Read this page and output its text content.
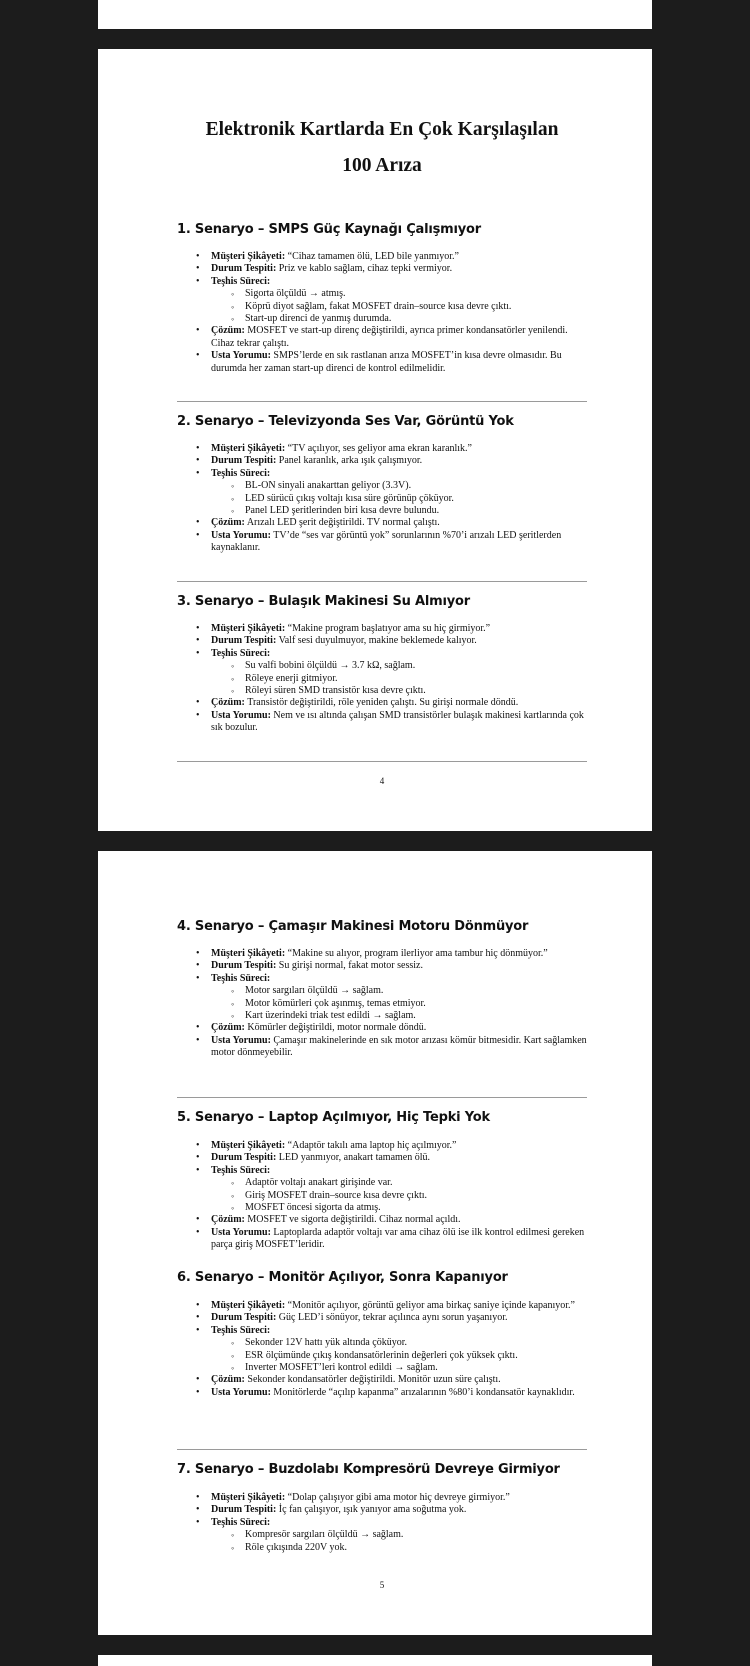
Elektronik Kartlarda En Çok Karşılaşılan
100 Arıza
1. Senaryo – SMPS Güç Kaynağı Çalışmıyor
• Müşteri Şikâyeti: “Cihaz tamamen ölü, LED bile yanmıyor.”
• Durum Tespiti: Priz ve kablo sağlam, cihaz tepki vermiyor.
• Teşhis Süreci:
◦ Sigorta ölçüldü → atmış.
◦ Köprü diyot sağlam, fakat MOSFET drain–source kısa devre çıktı.
◦ Start-up direnci de yanmış durumda.
• Çözüm: MOSFET ve start-up direnç değiştirildi, ayrıca primer kondansatörler yenilendi. Cihaz tekrar çalıştı.
• Usta Yorumu: SMPS’lerde en sık rastlanan arıza MOSFET’in kısa devre olmasıdır. Bu durumda her zaman start-up direnci de kontrol edilmelidir.
2. Senaryo – Televizyonda Ses Var, Görüntü Yok
• Müşteri Şikâyeti: “TV açılıyor, ses geliyor ama ekran karanlık.”
• Durum Tespiti: Panel karanlık, arka ışık çalışmıyor.
• Teşhis Süreci:
◦ BL-ON sinyali anakarttan geliyor (3.3V).
◦ LED sürücü çıkış voltajı kısa süre görünüp çöküyor.
◦ Panel LED şeritlerinden biri kısa devre bulundu.
• Çözüm: Arızalı LED şerit değiştirildi. TV normal çalıştı.
• Usta Yorumu: TV’de “ses var görüntü yok” sorunlarının %70’i arızalı LED şeritlerden kaynaklanır.
3. Senaryo – Bulaşık Makinesi Su Almıyor
• Müşteri Şikâyeti: “Makine program başlatıyor ama su hiç girmiyor.”
• Durum Tespiti: Valf sesi duyulmuyor, makine beklemede kalıyor.
• Teşhis Süreci:
◦ Su valfi bobini ölçüldü → 3.7 kΩ, sağlam.
◦ Röleye enerji gitmiyor.
◦ Röleyi süren SMD transistör kısa devre çıktı.
• Çözüm: Transistör değiştirildi, röle yeniden çalıştı. Su girişi normale döndü.
• Usta Yorumu: Nem ve ısı altında çalışan SMD transistörler bulaşık makinesi kartlarında çok sık bozulur.
4
4. Senaryo – Çamaşır Makinesi Motoru Dönmüyor
• Müşteri Şikâyeti: “Makine su alıyor, program ilerliyor ama tambur hiç dönmüyor.”
• Durum Tespiti: Su girişi normal, fakat motor sessiz.
• Teşhis Süreci:
◦ Motor sargıları ölçüldü → sağlam.
◦ Motor kömürleri çok aşınmış, temas etmiyor.
◦ Kart üzerindeki triak test edildi → sağlam.
• Çözüm: Kömürler değiştirildi, motor normale döndü.
• Usta Yorumu: Çamaşır makinelerinde en sık motor arızası kömür bitmesidir. Kart sağlamken motor dönmeyebilir.
5. Senaryo – Laptop Açılmıyor, Hiç Tepki Yok
• Müşteri Şikâyeti: “Adaptör takılı ama laptop hiç açılmıyor.”
• Durum Tespiti: LED yanmıyor, anakart tamamen ölü.
• Teşhis Süreci:
◦ Adaptör voltajı anakart girişinde var.
◦ Giriş MOSFET drain–source kısa devre çıktı.
◦ MOSFET öncesi sigorta da atmış.
• Çözüm: MOSFET ve sigorta değiştirildi. Cihaz normal açıldı.
• Usta Yorumu: Laptoplarda adaptör voltajı var ama cihaz ölü ise ilk kontrol edilmesi gereken parça giriş MOSFET’leridir.
6. Senaryo – Monitör Açılıyor, Sonra Kapanıyor
• Müşteri Şikâyeti: “Monitör açılıyor, görüntü geliyor ama birkaç saniye içinde kapanıyor.”
• Durum Tespiti: Güç LED’i sönüyor, tekrar açılınca aynı sorun yaşanıyor.
• Teşhis Süreci:
◦ Sekonder 12V hattı yük altında çöküyor.
◦ ESR ölçümünde çıkış kondansatörlerinin değerleri çok yüksek çıktı.
◦ Inverter MOSFET’leri kontrol edildi → sağlam.
• Çözüm: Sekonder kondansatörler değiştirildi. Monitör uzun süre çalıştı.
• Usta Yorumu: Monitörlerde “açılıp kapanma” arızalarının %80’i kondansatör kaynaklıdır.
7. Senaryo – Buzdolabı Kompresörü Devreye Girmiyor
• Müşteri Şikâyeti: “Dolap çalışıyor gibi ama motor hiç devreye girmiyor.”
• Durum Tespiti: İç fan çalışıyor, ışık yanıyor ama soğutma yok.
• Teşhis Süreci:
◦ Kompresör sargıları ölçüldü → sağlam.
◦ Röle çıkışında 220V yok.
5
